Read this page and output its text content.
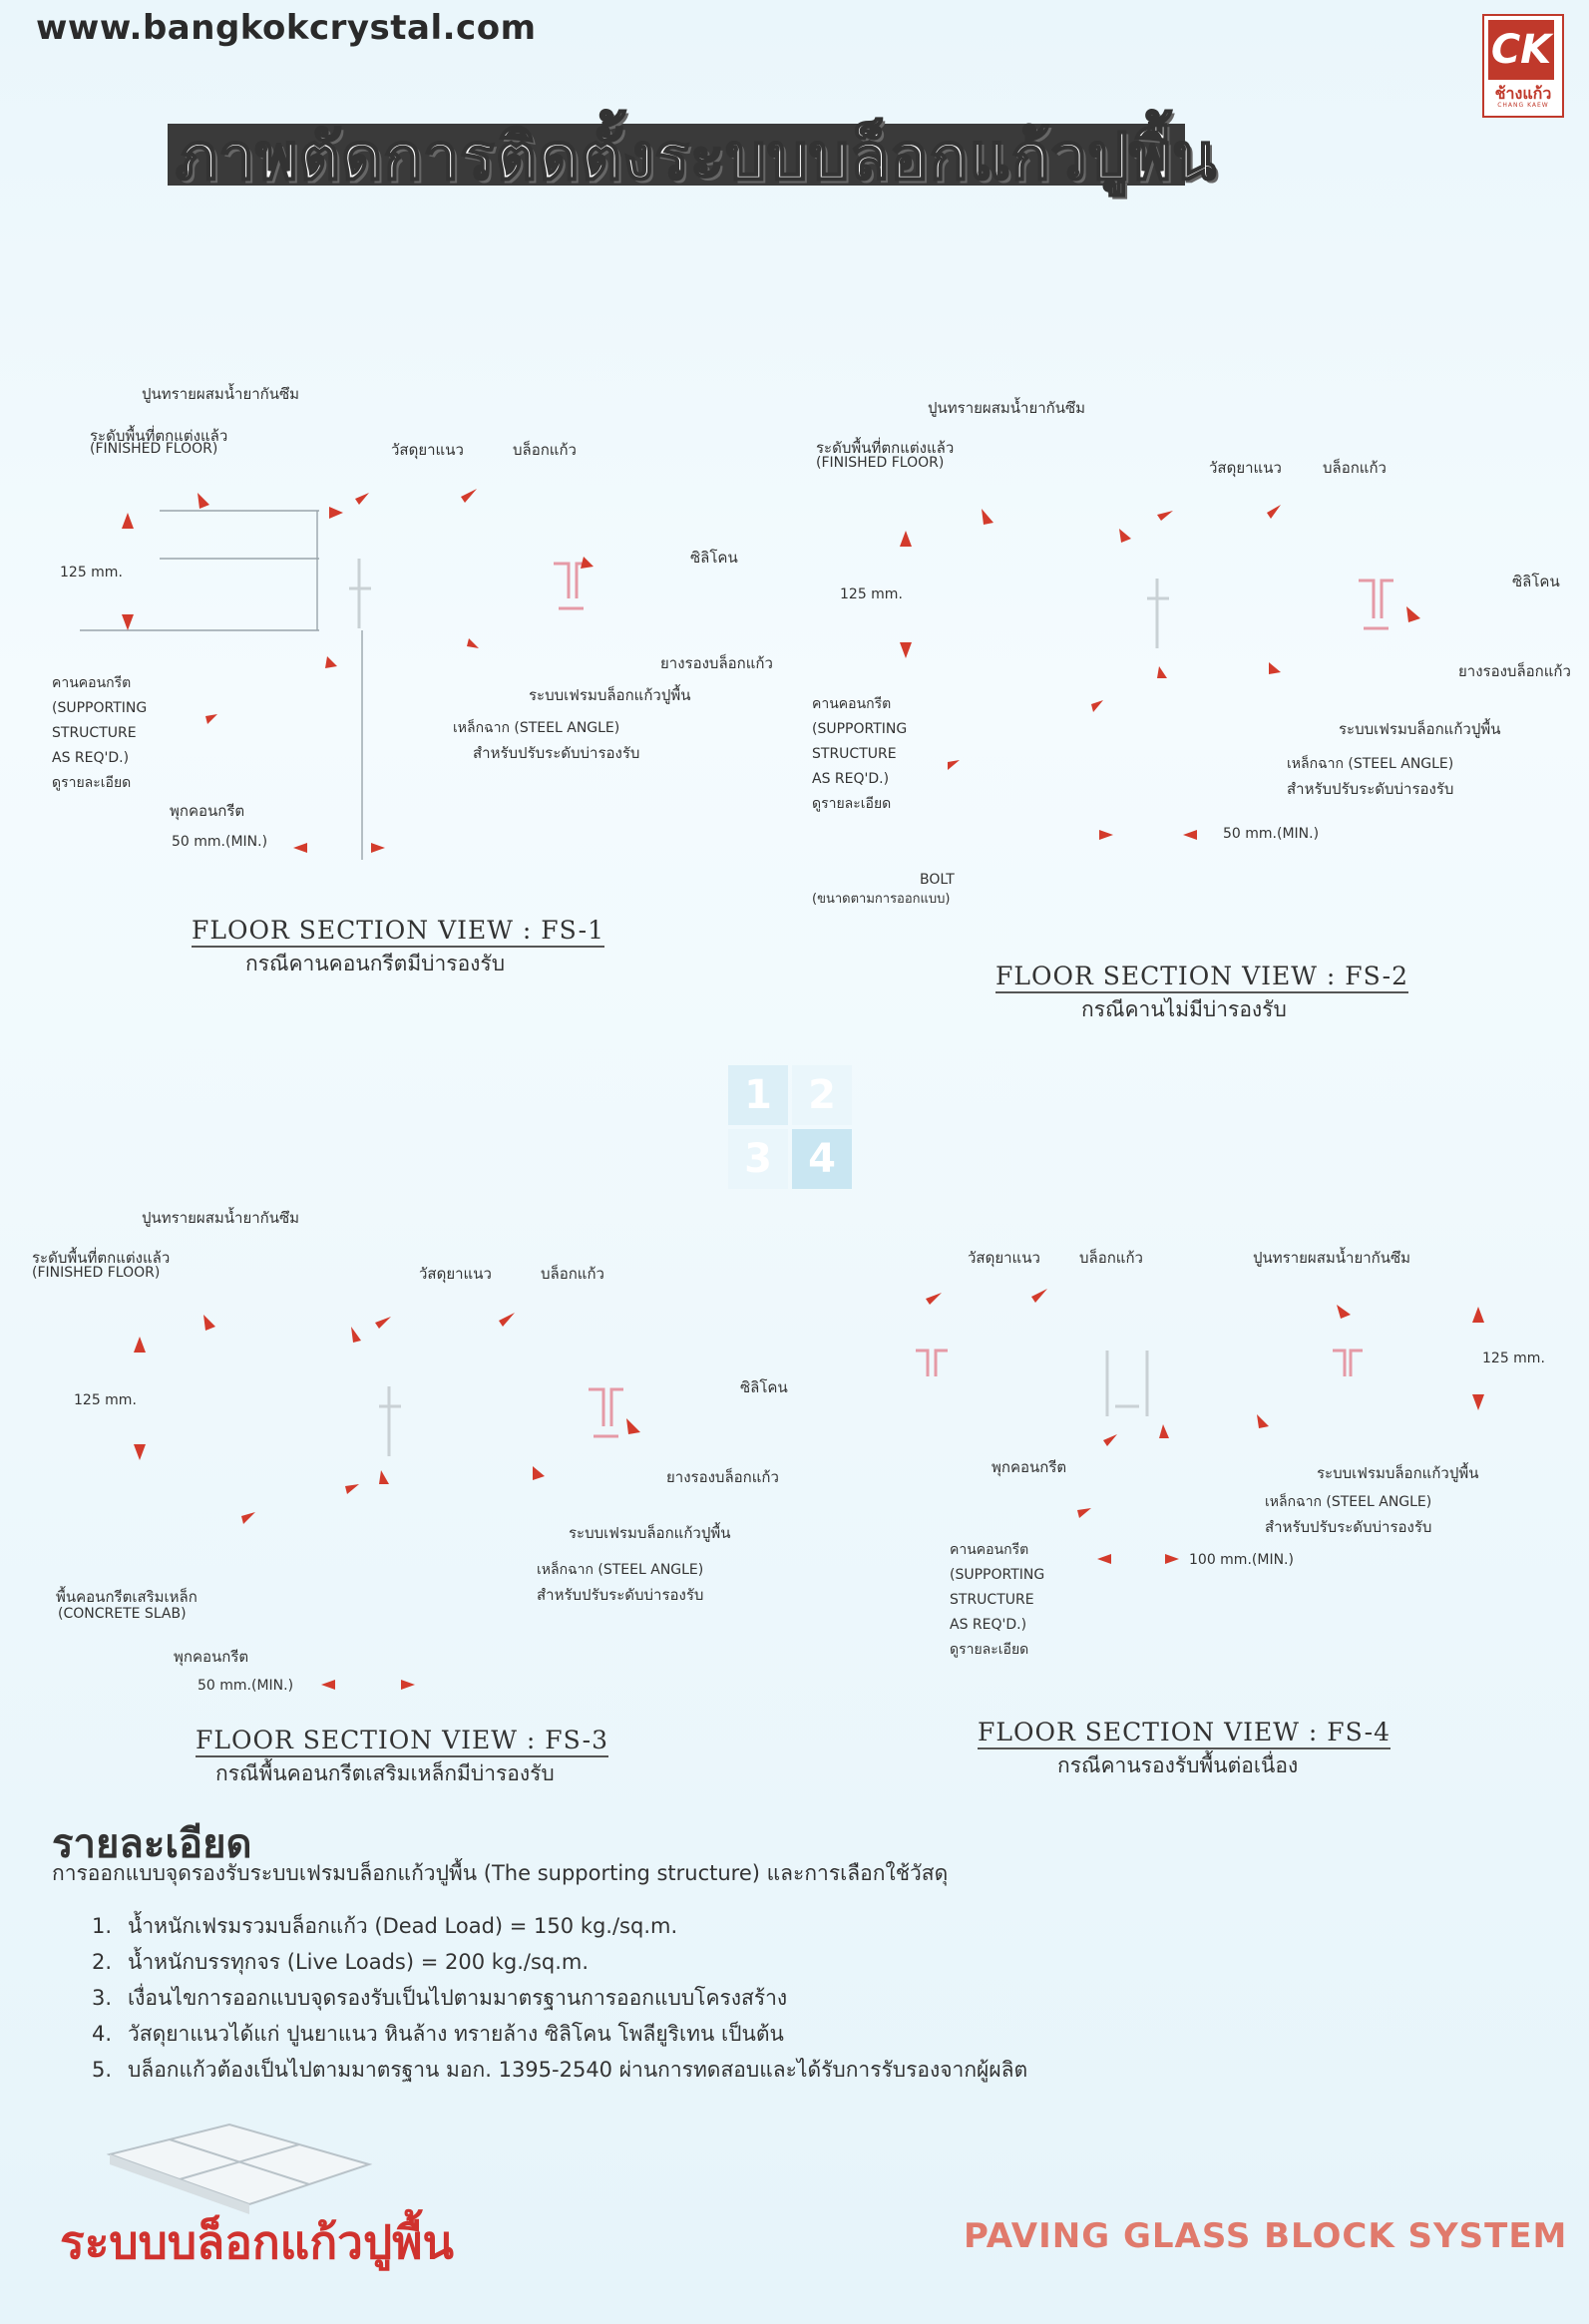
www.bangkokcrystal.com	CK
ช้างแก้ว
CHANG KAEW
ภาพตัดการติดตั้งระบบบล็อกแก้วปูพื้น
1 2
3 4
ปูนทรายผสมน้ำยากันซึม
ระดับพื้นที่ตกแต่งแล้ว
(FINISHED FLOOR)	วัสดุยาแนว	บล็อกแก้ว
125 mm.
ซิลิโคน
ยางรองบล็อกแก้ว
ระบบเฟรมบล็อกแก้วปูพื้น
เหล็กฉาก (STEEL ANGLE)
สำหรับปรับระดับบ่ารองรับ
คานคอนกรีต
(SUPPORTING
STRUCTURE
AS REQ'D.)
ดูรายละเอียด
พุกคอนกรีต
50 mm.(MIN.)
FLOOR SECTION VIEW : FS-1
กรณีคานคอนกรีตมีบ่ารองรับ
ปูนทรายผสมน้ำยากันซึม
ระดับพื้นที่ตกแต่งแล้ว
(FINISHED FLOOR)	วัสดุยาแนว	บล็อกแก้ว
125 mm.
ซิลิโคน
ยางรองบล็อกแก้ว
ระบบเฟรมบล็อกแก้วปูพื้น
เหล็กฉาก (STEEL ANGLE)
สำหรับปรับระดับบ่ารองรับ
คานคอนกรีต
(SUPPORTING
STRUCTURE
AS REQ'D.)
ดูรายละเอียด
50 mm.(MIN.)
BOLT
(ขนาดตามการออกแบบ)
FLOOR SECTION VIEW : FS-2
กรณีคานไม่มีบ่ารองรับ
ปูนทรายผสมน้ำยากันซึม
ระดับพื้นที่ตกแต่งแล้ว
(FINISHED FLOOR)	วัสดุยาแนว	บล็อกแก้ว
125 mm.
ซิลิโคน
ยางรองบล็อกแก้ว
ระบบเฟรมบล็อกแก้วปูพื้น
เหล็กฉาก (STEEL ANGLE)
สำหรับปรับระดับบ่ารองรับ
พื้นคอนกรีตเสริมเหล็ก
(CONCRETE SLAB)
พุกคอนกรีต
50 mm.(MIN.)
FLOOR SECTION VIEW : FS-3
กรณีพื้นคอนกรีตเสริมเหล็กมีบ่ารองรับ
วัสดุยาแนว	บล็อกแก้ว	ปูนทรายผสมน้ำยากันซึม
125 mm.
พุกคอนกรีต	ระบบเฟรมบล็อกแก้วปูพื้น
เหล็กฉาก (STEEL ANGLE)
สำหรับปรับระดับบ่ารองรับ
คานคอนกรีต
(SUPPORTING
STRUCTURE
AS REQ'D.)
ดูรายละเอียด
100 mm.(MIN.)
FLOOR SECTION VIEW : FS-4
กรณีคานรองรับพื้นต่อเนื่อง
รายละเอียด
การออกแบบจุดรองรับระบบเฟรมบล็อกแก้วปูพื้น (The supporting structure) และการเลือกใช้วัสดุ
1. น้ำหนักเฟรมรวมบล็อกแก้ว (Dead Load) = 150 kg./sq.m.
2. น้ำหนักบรรทุกจร (Live Loads) = 200 kg./sq.m.
3. เงื่อนไขการออกแบบจุดรองรับเป็นไปตามมาตรฐานการออกแบบโครงสร้าง
4. วัสดุยาแนวได้แก่ ปูนยาแนว หินล้าง ทรายล้าง ซิลิโคน โพลียูริเทน เป็นต้น
5. บล็อกแก้วต้องเป็นไปตามมาตรฐาน มอก. 1395-2540 ผ่านการทดสอบและได้รับการรับรองจากผู้ผลิต
ระบบบล็อกแก้วปูพื้น	PAVING GLASS BLOCK SYSTEM
